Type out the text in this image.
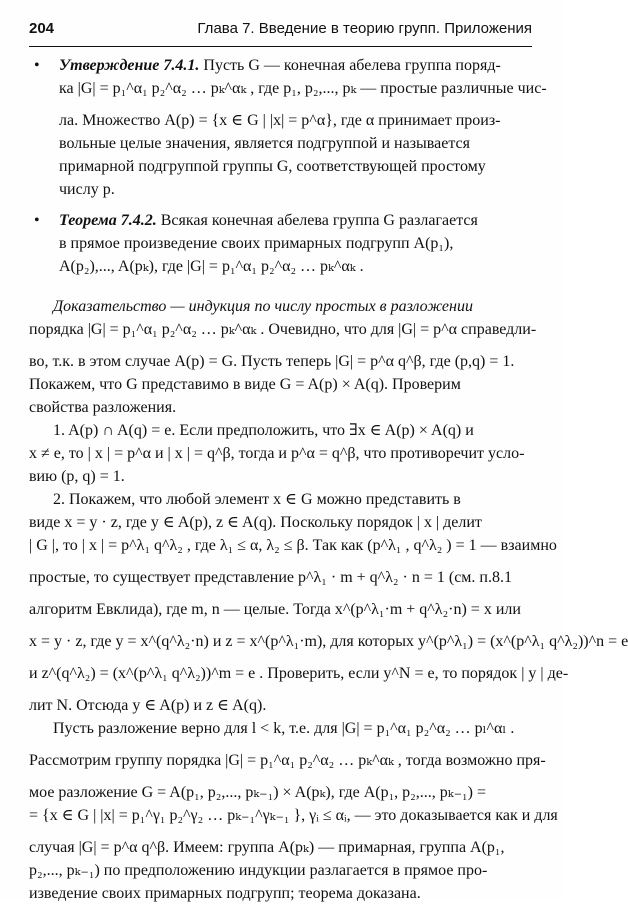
204	Глава 7. Введение в теорию групп. Приложения
• Утверждение 7.4.1. Пусть G — конечная абелева группа поряд-
ка |G| = p₁^α₁ p₂^α₂ … pₖ^αₖ , где p₁, p₂,..., pₖ — простые различные чис-
ла. Множество A(p) = {x ∈ G | |x| = p^α}, где α принимает произ-
вольные целые значения, является подгруппой и называется
примарной подгруппой группы G, соответствующей простому
числу p.
• Теорема 7.4.2. Всякая конечная абелева группа G разлагается
в прямое произведение своих примарных подгрупп A(p₁),
A(p₂),..., A(pₖ), где |G| = p₁^α₁ p₂^α₂ … pₖ^αₖ .
Доказательство — индукция по числу простых в разложении
порядка |G| = p₁^α₁ p₂^α₂ … pₖ^αₖ . Очевидно, что для |G| = p^α справедли-
во, т.к. в этом случае A(p) = G. Пусть теперь |G| = p^α q^β, где (p,q) = 1.
Покажем, что G представимо в виде G = A(p) × A(q). Проверим
свойства разложения.
1. A(p) ∩ A(q) = e. Если предположить, что ∃x ∈ A(p) × A(q) и
x ≠ e, то | x | = p^α и | x | = q^β, тогда и p^α = q^β, что противоречит усло-
вию (p, q) = 1.
2. Покажем, что любой элемент x ∈ G можно представить в
виде x = y · z, где y ∈ A(p), z ∈ A(q). Поскольку порядок | x | делит
| G |, то | x | = p^λ₁ q^λ₂ , где λ₁ ≤ α, λ₂ ≤ β. Так как (p^λ₁ , q^λ₂ ) = 1 — взаимно
простые, то существует представление p^λ₁ · m + q^λ₂ · n = 1 (см. п.8.1
алгоритм Евклида), где m, n — целые. Тогда x^(p^λ₁·m + q^λ₂·n) = x или
x = y · z, где y = x^(q^λ₂·n) и z = x^(p^λ₁·m), для которых y^(p^λ₁) = (x^(p^λ₁ q^λ₂))^n = e
и z^(q^λ₂) = (x^(p^λ₁ q^λ₂))^m = e . Проверить, если y^N = e, то порядок | y | де-
лит N. Отсюда y ∈ A(p) и z ∈ A(q).
Пусть разложение верно для l < k, т.е. для |G| = p₁^α₁ p₂^α₂ … pₗ^αₗ .
Рассмотрим группу порядка |G| = p₁^α₁ p₂^α₂ … pₖ^αₖ , тогда возможно пря-
мое разложение G = A(p₁, p₂,..., pₖ₋₁) × A(pₖ), где A(p₁, p₂,..., pₖ₋₁) =
= {x ∈ G | |x| = p₁^γ₁ p₂^γ₂ … pₖ₋₁^γₖ₋₁ }, γᵢ ≤ αᵢ, — это доказывается как и для
случая |G| = p^α q^β. Имеем: группа A(pₖ) — примарная, группа A(p₁,
p₂,..., pₖ₋₁) по предположению индукции разлагается в прямое про-
изведение своих примарных подгрупп; теорема доказана.
